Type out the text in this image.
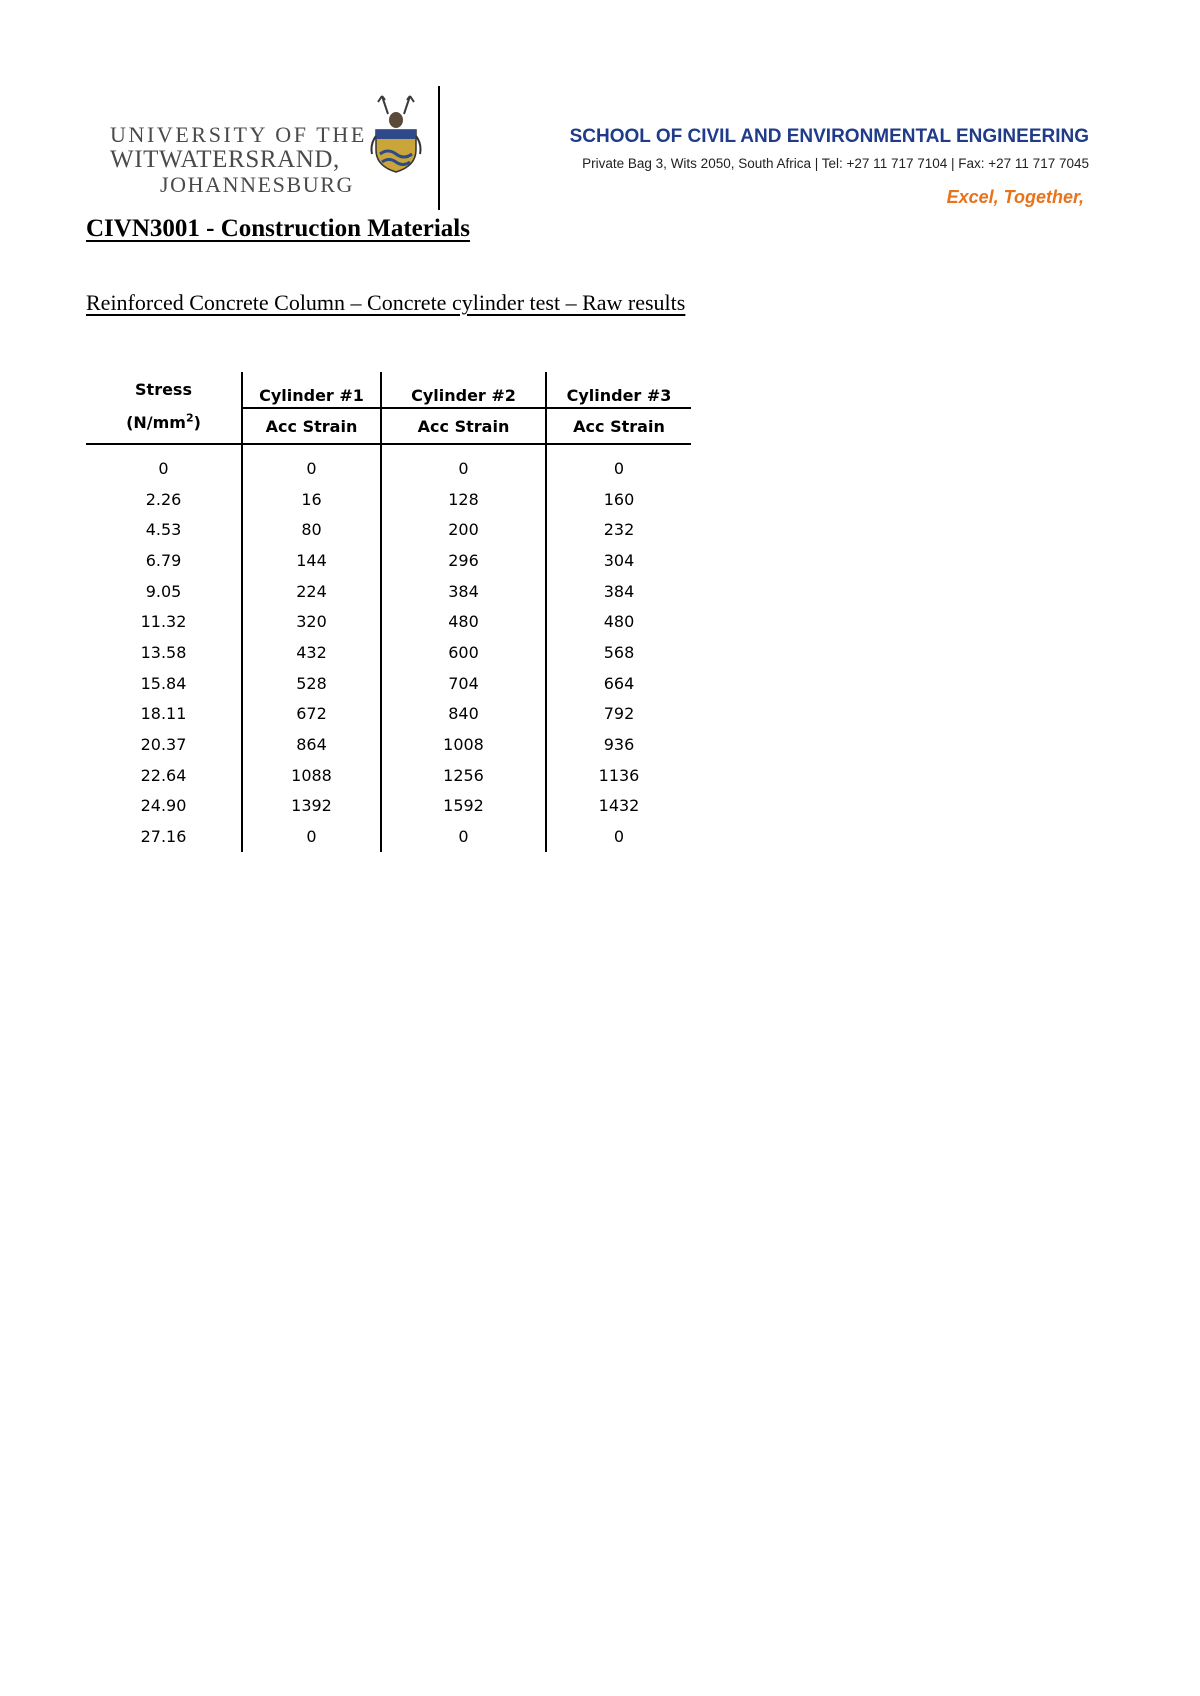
UNIVERSITY OF THE
WITWATERSRAND,
JOHANNESBURG
SCHOOL OF CIVIL AND ENVIRONMENTAL ENGINEERING
Private Bag 3, Wits 2050, South Africa | Tel: +27 11 717 7104 | Fax: +27 11 717 7045
Excel, Together,
CIVN3001 - Construction Materials
Reinforced Concrete Column – Concrete cylinder test – Raw results
Stress
$(N/mm^2)$	Cylinder #1	Cylinder #2	Cylinder #3
	Acc Strain	Acc Strain	Acc Strain
0	0	0	0
2.26	16	128	160
4.53	80	200	232
6.79	144	296	304
9.05	224	384	384
11.32	320	480	480
13.58	432	600	568
15.84	528	704	664
18.11	672	840	792
20.37	864	1008	936
22.64	1088	1256	1136
24.90	1392	1592	1432
27.16	0	0	0
